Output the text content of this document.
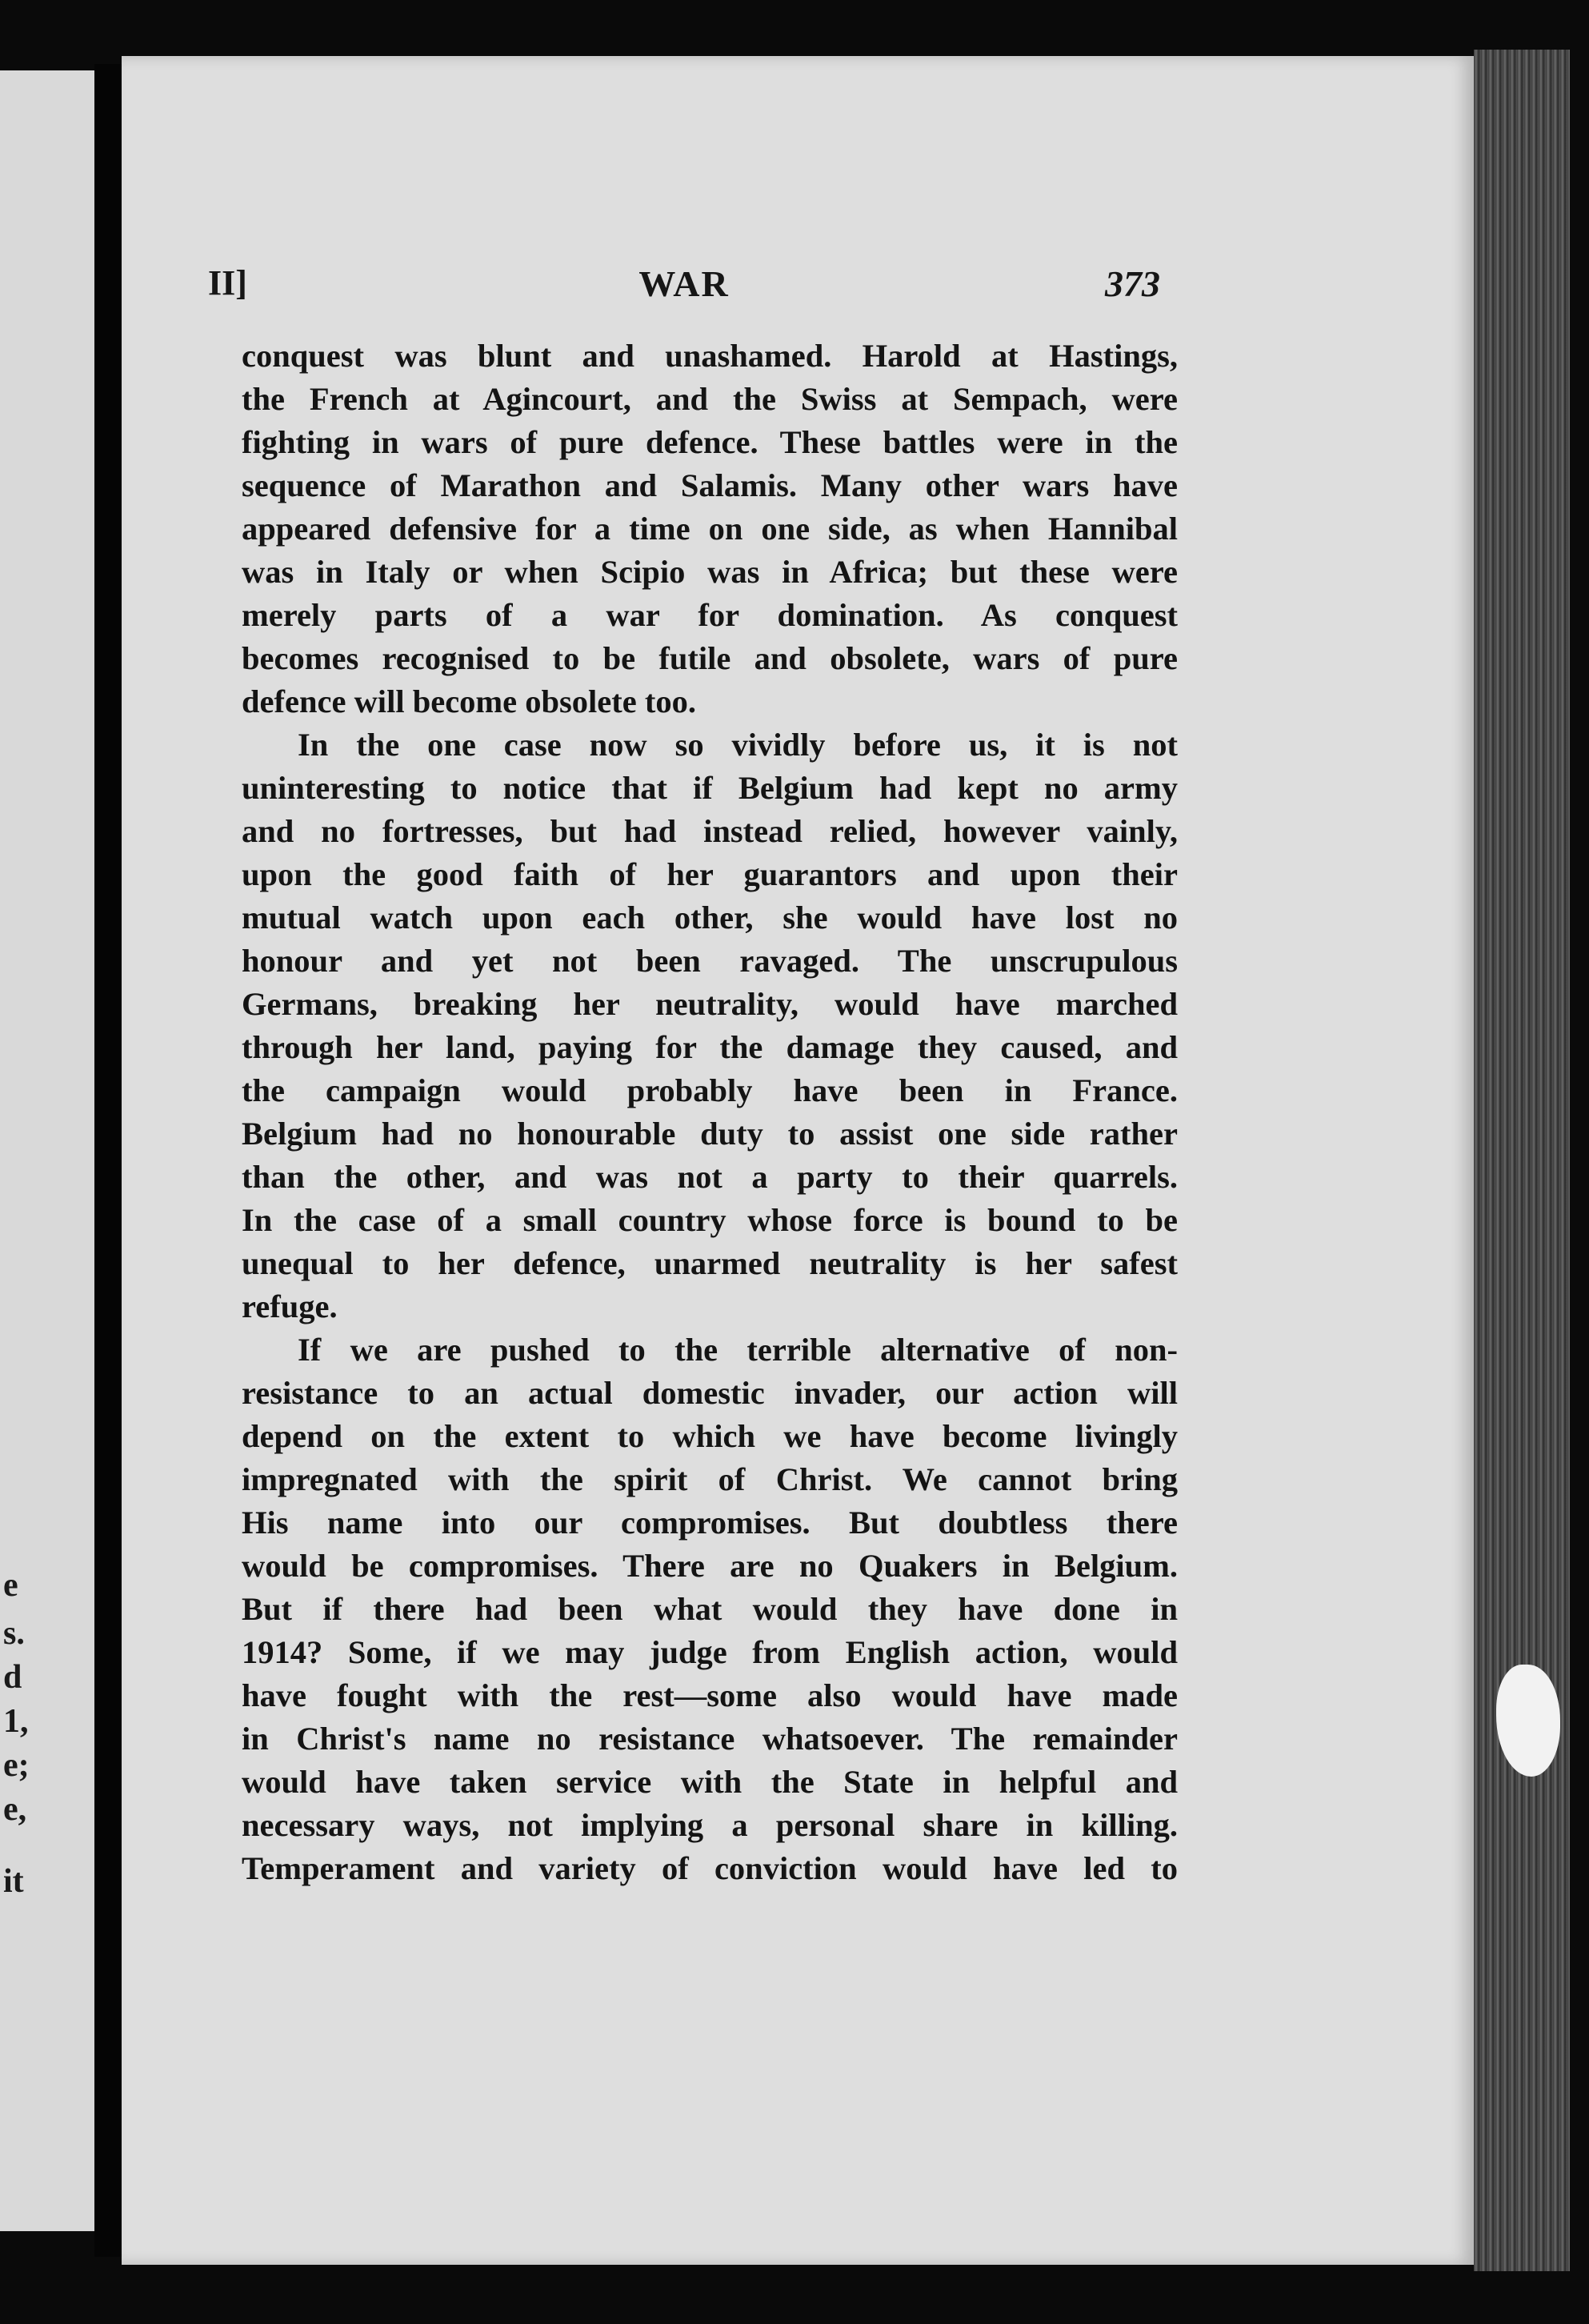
e
s.
d
1,
e;
e,
it
II]	WAR	373
conquest was blunt and unashamed. Harold at Hastings,
the French at Agincourt, and the Swiss at Sempach, were
fighting in wars of pure defence. These battles were in the
sequence of Marathon and Salamis. Many other wars have
appeared defensive for a time on one side, as when Hannibal
was in Italy or when Scipio was in Africa; but these were
merely parts of a war for domination. As conquest
becomes recognised to be futile and obsolete, wars of pure
defence will become obsolete too.
In the one case now so vividly before us, it is not
uninteresting to notice that if Belgium had kept no army
and no fortresses, but had instead relied, however vainly,
upon the good faith of her guarantors and upon their
mutual watch upon each other, she would have lost no
honour and yet not been ravaged. The unscrupulous
Germans, breaking her neutrality, would have marched
through her land, paying for the damage they caused, and
the campaign would probably have been in France.
Belgium had no honourable duty to assist one side rather
than the other, and was not a party to their quarrels.
In the case of a small country whose force is bound to be
unequal to her defence, unarmed neutrality is her safest
refuge.
If we are pushed to the terrible alternative of non-
resistance to an actual domestic invader, our action will
depend on the extent to which we have become livingly
impregnated with the spirit of Christ. We cannot bring
His name into our compromises. But doubtless there
would be compromises. There are no Quakers in Belgium.
But if there had been what would they have done in
1914? Some, if we may judge from English action, would
have fought with the rest—some also would have made
in Christ's name no resistance whatsoever. The remainder
would have taken service with the State in helpful and
necessary ways, not implying a personal share in killing.
Temperament and variety of conviction would have led to
